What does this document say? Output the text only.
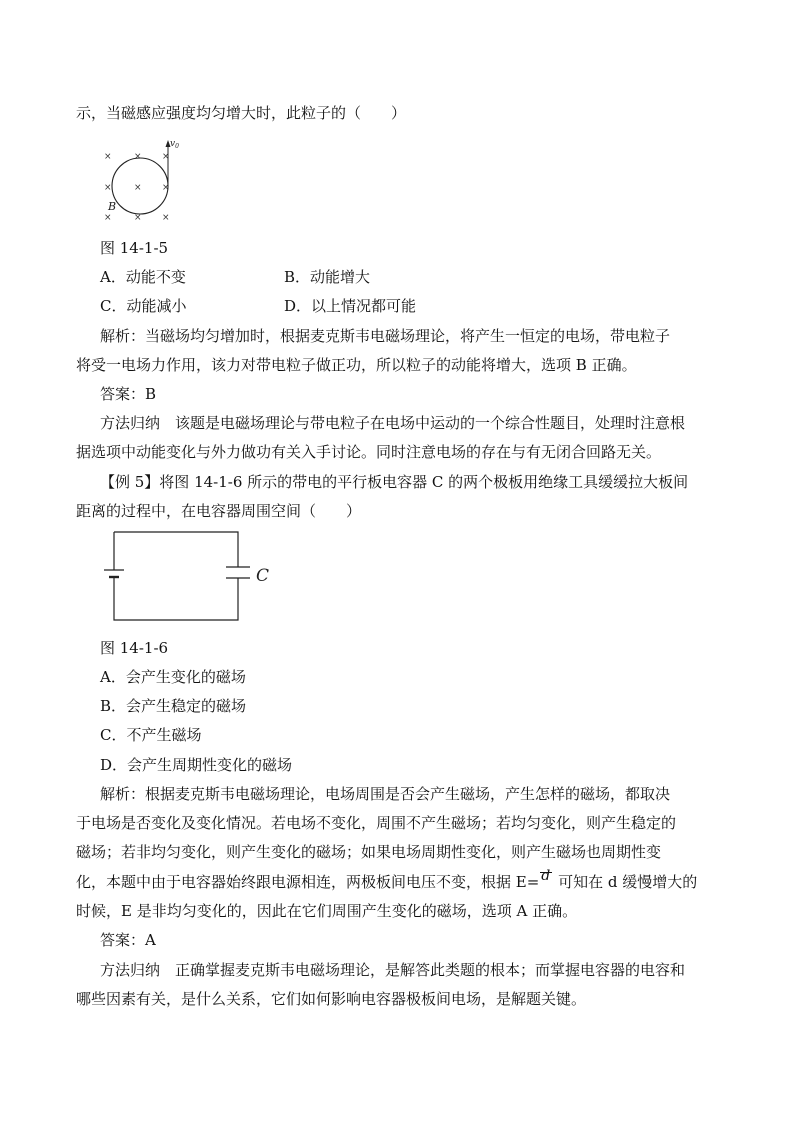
示，当磁感应强度均匀增大时，此粒子的（　　）
× × ×
× × ×
× × ×
$v_0$
B
图 14-1-5
A．动能不变	B．动能增大
C．动能减小	D．以上情况都可能
解析：当磁场均匀增加时，根据麦克斯韦电磁场理论，将产生一恒定的电场，带电粒子
将受一电场力作用，该力对带电粒子做正功，所以粒子的动能将增大，选项 B 正确。
答案：B
方法归纳　该题是电磁场理论与带电粒子在电场中运动的一个综合性题目，处理时注意根
据选项中动能变化与外力做功有关入手讨论。同时注意电场的存在与有无闭合回路无关。
【例 5】将图 14-1-6 所示的带电的平行板电容器 C 的两个极板用绝缘工具缓缓拉大板间
距离的过程中，在电容器周围空间（　　）
C
图 14-1-6
A．会产生变化的磁场
B．会产生稳定的磁场
C．不产生磁场
D．会产生周期性变化的磁场
解析：根据麦克斯韦电磁场理论，电场周围是否会产生磁场，产生怎样的磁场，都取决
于电场是否变化及变化情况。若电场不变化，周围不产生磁场；若均匀变化，则产生稳定的
磁场；若非均匀变化，则产生变化的磁场；如果电场周期性变化，则产生磁场也周期性变
化，本题中由于电容器始终跟电源相连，两极板间电压不变，根据 E= d 可知在 d 缓慢增大的
时候，E 是非均匀变化的，因此在它们周围产生变化的磁场，选项 A 正确。
答案：A
方法归纳　正确掌握麦克斯韦电磁场理论，是解答此类题的根本；而掌握电容器的电容和
哪些因素有关，是什么关系，它们如何影响电容器极板间电场，是解题关键。
